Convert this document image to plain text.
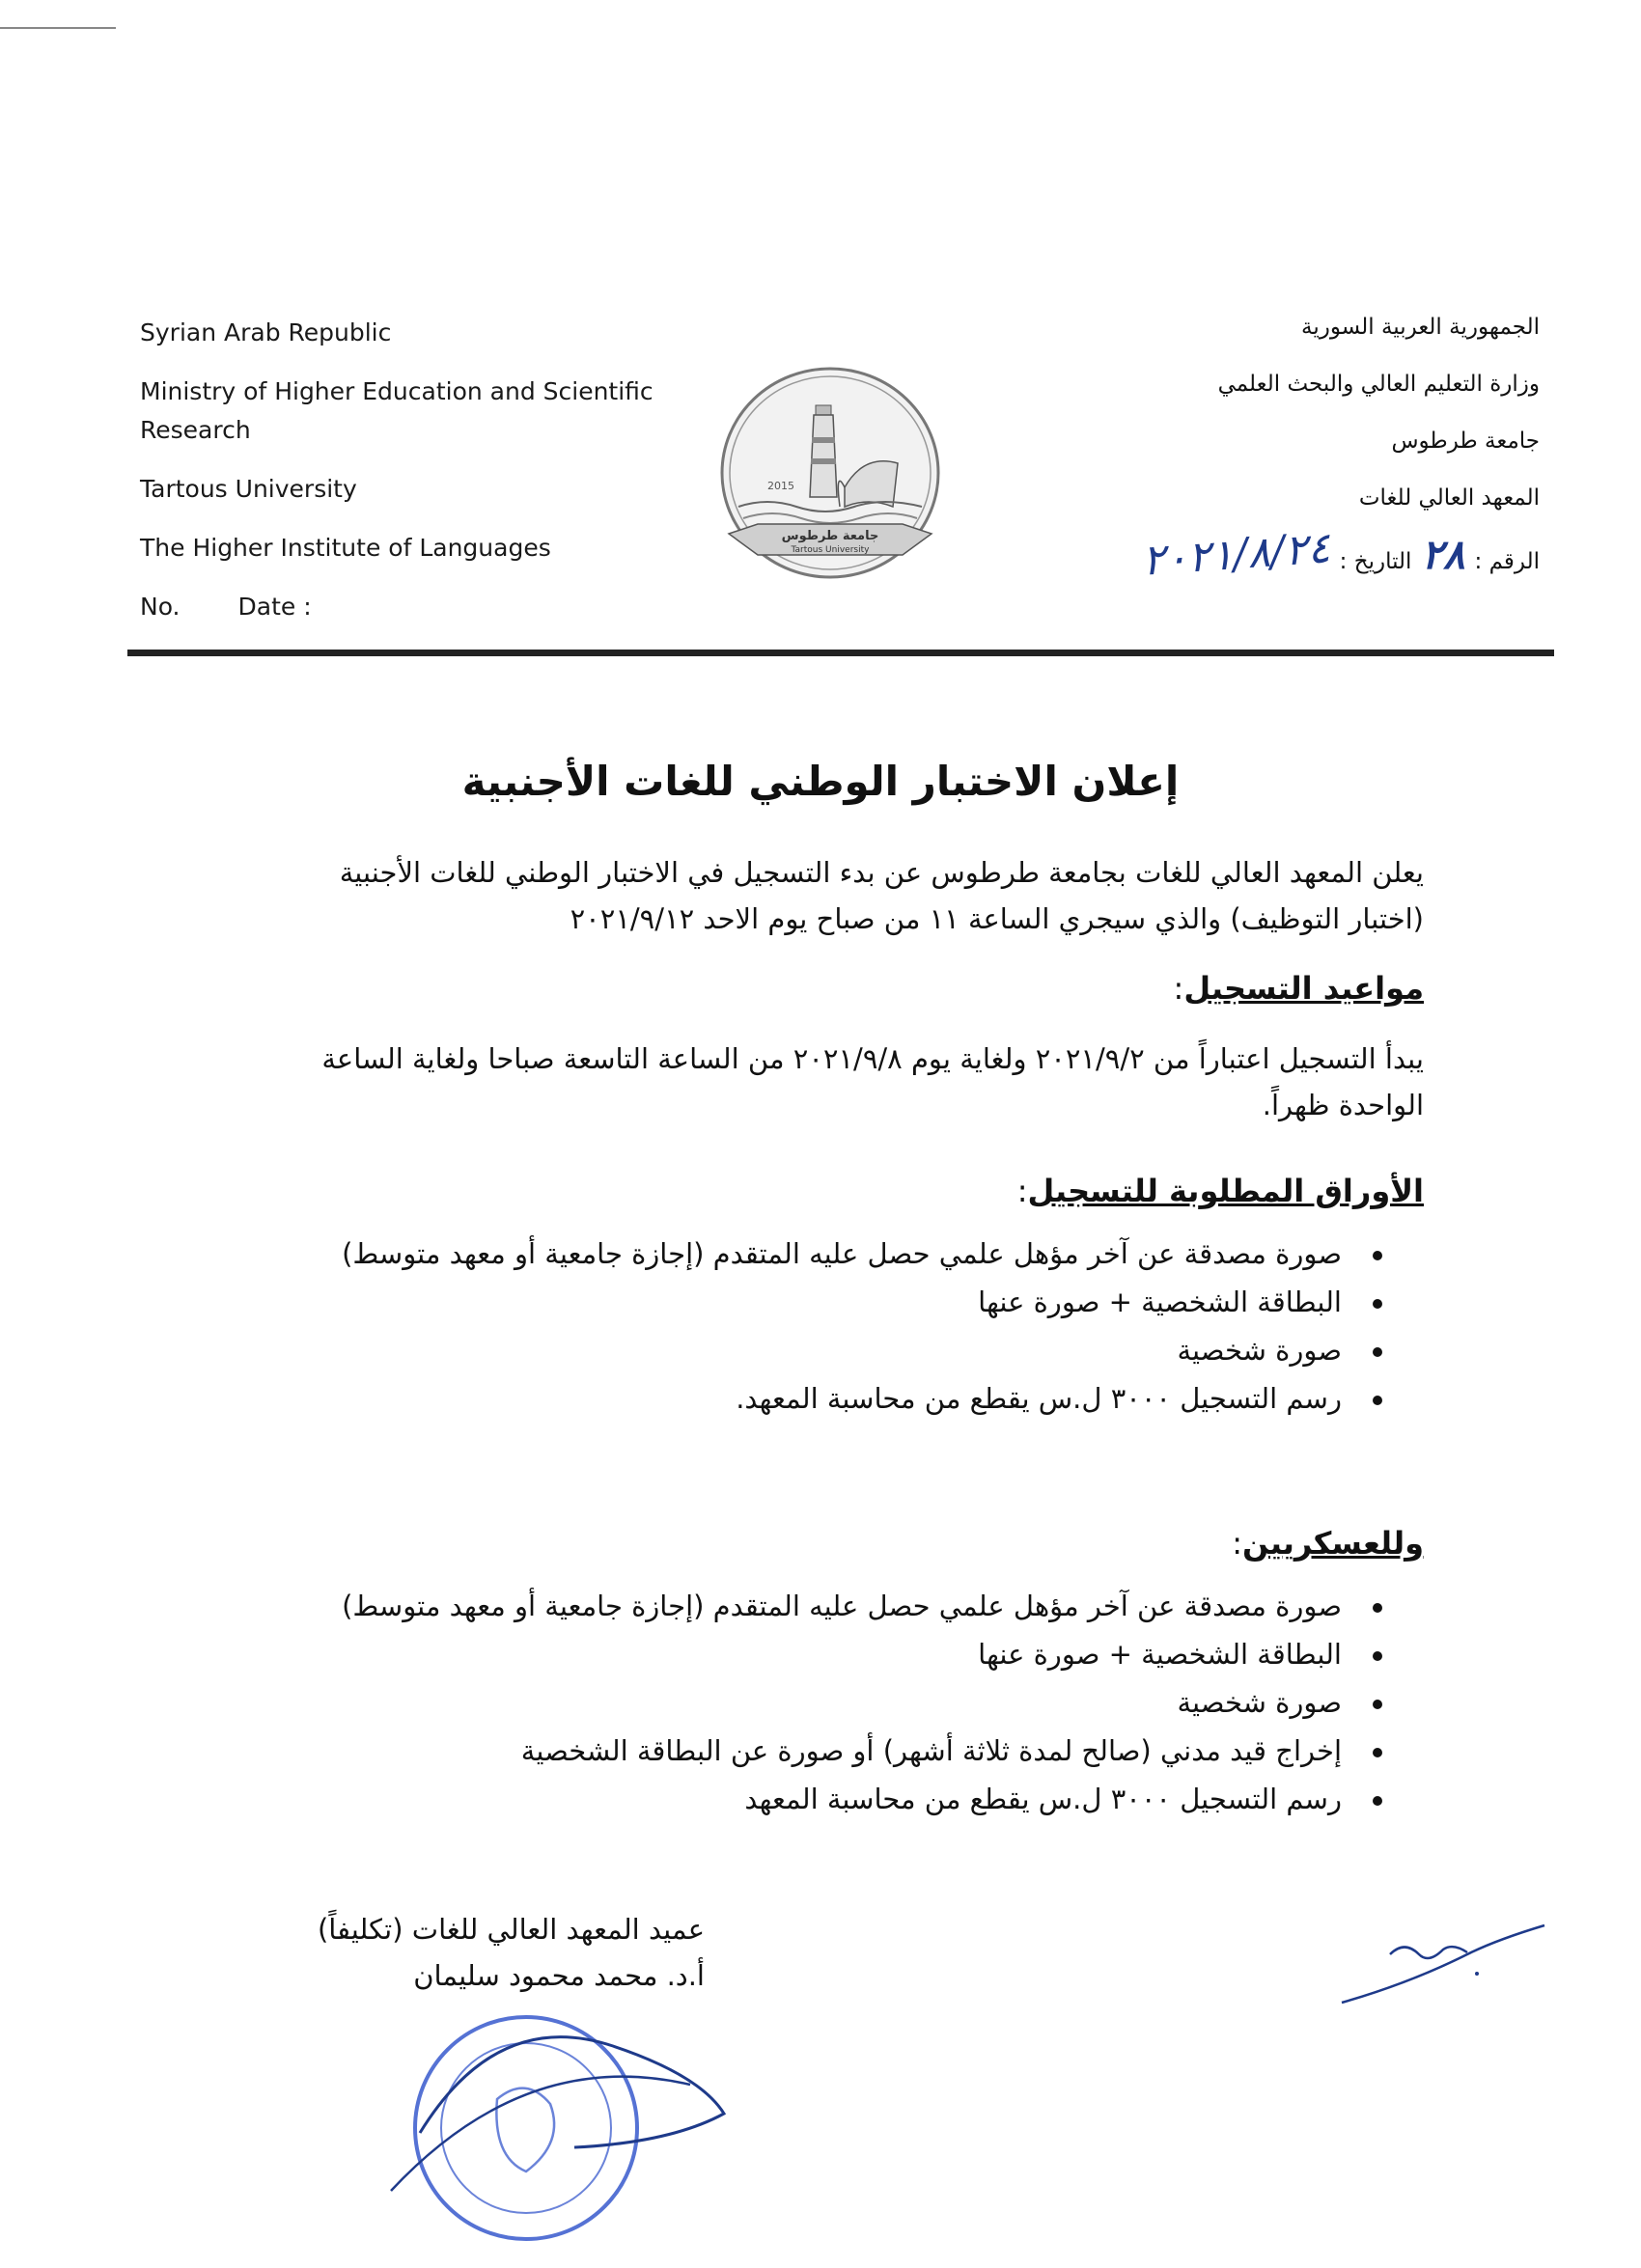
Syrian Arab Republic
Ministry of Higher Education and Scientific Research
Tartous University
The Higher Institute of Languages
No. Date :
2015
جامعة طرطوس
Tartous University
الجمهورية العربية السورية
وزارة التعليم العالي والبحث العلمي
جامعة طرطوس
المعهد العالي للغات
الرقم :
٢٨
التاريخ :
٢٠٢١/٨/٢٤
إعلان الاختبار الوطني للغات الأجنبية
يعلن المعهد العالي للغات بجامعة طرطوس عن بدء التسجيل في الاختبار الوطني للغات الأجنبية (اختبار التوظيف) والذي سيجري الساعة ١١ من صباح يوم الاحد ٢٠٢١/٩/١٢
مواعيد التسجيل:
يبدأ التسجيل اعتباراً من ٢٠٢١/٩/٢ ولغاية يوم ٢٠٢١/٩/٨ من الساعة التاسعة صباحا ولغاية الساعة الواحدة ظهراً.
الأوراق المطلوبة للتسجيل:
صورة مصدقة عن آخر مؤهل علمي حصل عليه المتقدم (إجازة جامعية أو معهد متوسط)
البطاقة الشخصية + صورة عنها
صورة شخصية
رسم التسجيل ٣٠٠٠ ل.س يقطع من محاسبة المعهد.
وللعسكريين:
صورة مصدقة عن آخر مؤهل علمي حصل عليه المتقدم (إجازة جامعية أو معهد متوسط)
البطاقة الشخصية + صورة عنها
صورة شخصية
إخراج قيد مدني (صالح لمدة ثلاثة أشهر) أو صورة عن البطاقة الشخصية
رسم التسجيل ٣٠٠٠ ل.س يقطع من محاسبة المعهد
عميد المعهد العالي للغات (تكليفاً)
أ.د. محمد محمود سليمان
